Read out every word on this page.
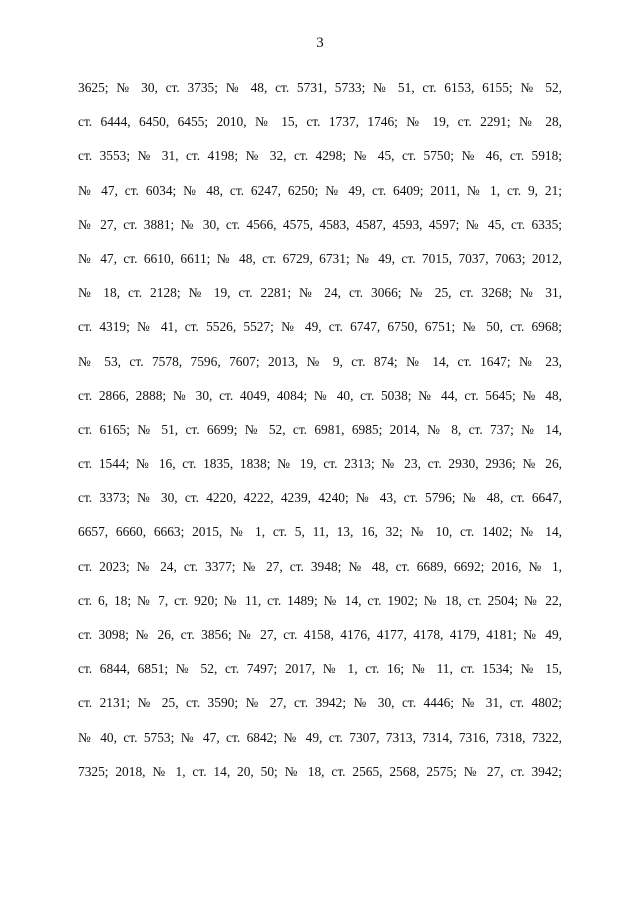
3
3625; № 30, ст. 3735; № 48, ст. 5731, 5733; № 51, ст. 6153, 6155; № 52,
ст. 6444, 6450, 6455; 2010, № 15, ст. 1737, 1746; № 19, ст. 2291; № 28,
ст. 3553; № 31, ст. 4198; № 32, ст. 4298; № 45, ст. 5750; № 46, ст. 5918;
№ 47, ст. 6034; № 48, ст. 6247, 6250; № 49, ст. 6409; 2011, № 1, ст. 9, 21;
№ 27, ст. 3881; № 30, ст. 4566, 4575, 4583, 4587, 4593, 4597; № 45, ст. 6335;
№ 47, ст. 6610, 6611; № 48, ст. 6729, 6731; № 49, ст. 7015, 7037, 7063; 2012,
№ 18, ст. 2128; № 19, ст. 2281; № 24, ст. 3066; № 25, ст. 3268; № 31,
ст. 4319; № 41, ст. 5526, 5527; № 49, ст. 6747, 6750, 6751; № 50, ст. 6968;
№ 53, ст. 7578, 7596, 7607; 2013, № 9, ст. 874; № 14, ст. 1647; № 23,
ст. 2866, 2888; № 30, ст. 4049, 4084; № 40, ст. 5038; № 44, ст. 5645; № 48,
ст. 6165; № 51, ст. 6699; № 52, ст. 6981, 6985; 2014, № 8, ст. 737; № 14,
ст. 1544; № 16, ст. 1835, 1838; № 19, ст. 2313; № 23, ст. 2930, 2936; № 26,
ст. 3373; № 30, ст. 4220, 4222, 4239, 4240; № 43, ст. 5796; № 48, ст. 6647,
6657, 6660, 6663; 2015, № 1, ст. 5, 11, 13, 16, 32; № 10, ст. 1402; № 14,
ст. 2023; № 24, ст. 3377; № 27, ст. 3948; № 48, ст. 6689, 6692; 2016, № 1,
ст. 6, 18; № 7, ст. 920; № 11, ст. 1489; № 14, ст. 1902; № 18, ст. 2504; № 22,
ст. 3098; № 26, ст. 3856; № 27, ст. 4158, 4176, 4177, 4178, 4179, 4181; № 49,
ст. 6844, 6851; № 52, ст. 7497; 2017, № 1, ст. 16; № 11, ст. 1534; № 15,
ст. 2131; № 25, ст. 3590; № 27, ст. 3942; № 30, ст. 4446; № 31, ст. 4802;
№ 40, ст. 5753; № 47, ст. 6842; № 49, ст. 7307, 7313, 7314, 7316, 7318, 7322,
7325; 2018, № 1, ст. 14, 20, 50; № 18, ст. 2565, 2568, 2575; № 27, ст. 3942;
